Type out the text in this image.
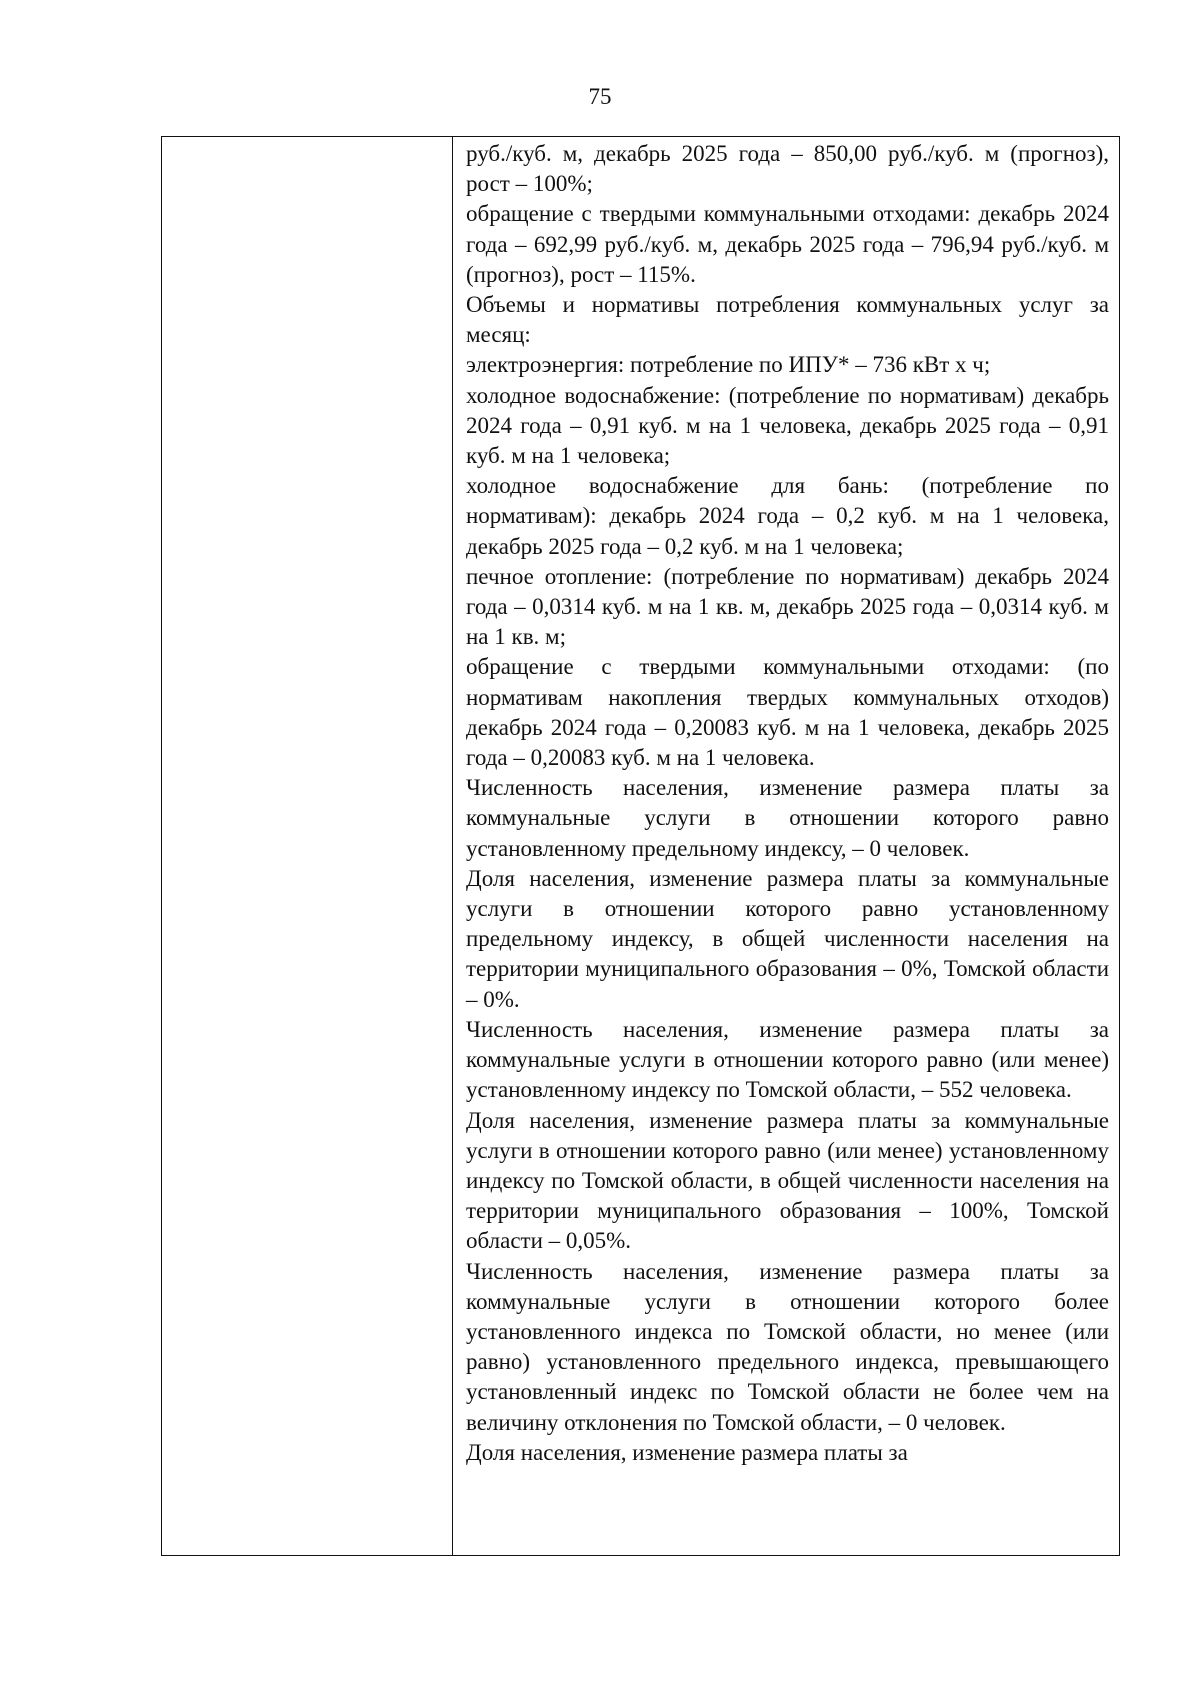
75

руб./куб. м, декабрь 2025 года – 850,00 руб./куб. м (прогноз), рост – 100%;

обращение с твердыми коммунальными отходами: декабрь 2024 года – 692,99 руб./куб. м, декабрь 2025 года – 796,94 руб./куб. м (прогноз), рост – 115%.

Объемы и нормативы потребления коммунальных услуг за месяц:

электроэнергия: потребление по ИПУ* – 736 кВт x ч;

холодное водоснабжение: (потребление по нормативам) декабрь 2024 года – 0,91 куб. м на 1 человека, декабрь 2025 года – 0,91 куб. м на 1 человека;

холодное водоснабжение для бань: (потребление по нормативам): декабрь 2024 года – 0,2 куб. м на 1 человека, декабрь 2025 года – 0,2 куб. м на 1 человека;

печное отопление: (потребление по нормативам) декабрь 2024 года – 0,0314 куб. м на 1 кв. м, декабрь 2025 года – 0,0314 куб. м на 1 кв. м;

обращение с твердыми коммунальными отходами: (по нормативам накопления твердых коммунальных отходов) декабрь 2024 года – 0,20083 куб. м на 1 человека, декабрь 2025 года – 0,20083 куб. м на 1 человека.

Численность населения, изменение размера платы за коммунальные услуги в отношении которого равно установленному предельному индексу, – 0 человек.

Доля населения, изменение размера платы за коммунальные услуги в отношении которого равно установленному предельному индексу, в общей численности населения на территории муниципального образования – 0%, Томской области – 0%.

Численность населения, изменение размера платы за коммунальные услуги в отношении которого равно (или менее) установленному индексу по Томской области, – 552 человека.

Доля населения, изменение размера платы за коммунальные услуги в отношении которого равно (или менее) установленному индексу по Томской области, в общей численности населения на территории муниципального образования – 100%, Томской области – 0,05%.

Численность населения, изменение размера платы за коммунальные услуги в отношении которого более установленного индекса по Томской области, но менее (или равно) установленного предельного индекса, превышающего установленный индекс по Томской области не более чем на величину отклонения по Томской области, – 0 человек.

Доля населения, изменение размера платы за
